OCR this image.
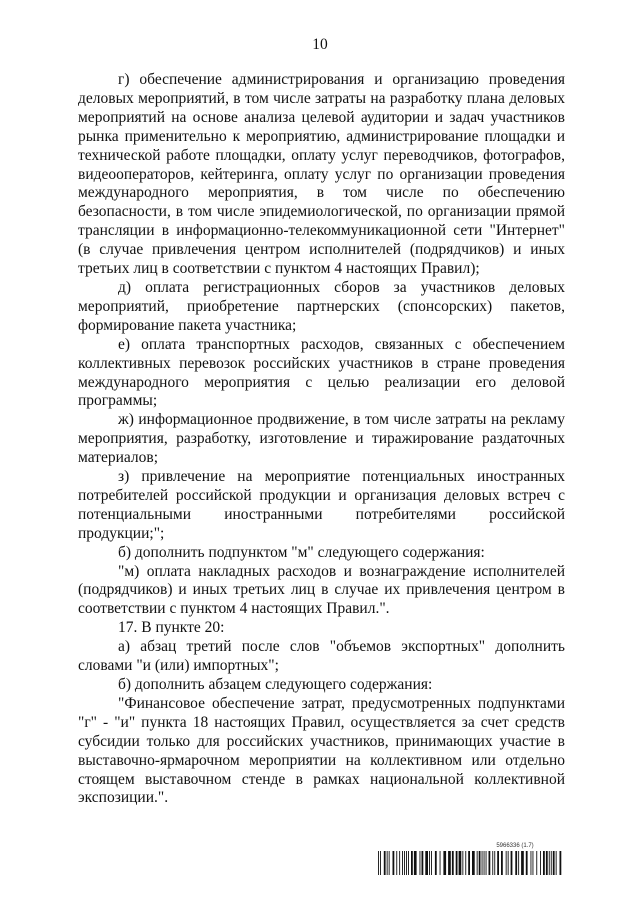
10

г) обеспечение администрирования и организацию проведения деловых мероприятий, в том числе затраты на разработку плана деловых мероприятий на основе анализа целевой аудитории и задач участников рынка применительно к мероприятию, администрирование площадки и технической работе площадки, оплату услуг переводчиков, фотографов, видеооператоров, кейтеринга, оплату услуг по организации проведения международного мероприятия, в том числе по обеспечению безопасности, в том числе эпидемиологической, по организации прямой трансляции в информационно-телекоммуникационной сети "Интернет" (в случае привлечения центром исполнителей (подрядчиков) и иных третьих лиц в соответствии с пунктом 4 настоящих Правил);

д) оплата регистрационных сборов за участников деловых мероприятий, приобретение партнерских (спонсорских) пакетов, формирование пакета участника;

е) оплата транспортных расходов, связанных с обеспечением коллективных перевозок российских участников в стране проведения международного мероприятия с целью реализации его деловой программы;

ж) информационное продвижение, в том числе затраты на рекламу мероприятия, разработку, изготовление и тиражирование раздаточных материалов;

з) привлечение на мероприятие потенциальных иностранных потребителей российской продукции и организация деловых встреч с потенциальными иностранными потребителями российской продукции;";

б) дополнить подпунктом "м" следующего содержания:

"м) оплата накладных расходов и вознаграждение исполнителей (подрядчиков) и иных третьих лиц в случае их привлечения центром в соответствии с пунктом 4 настоящих Правил.".

17. В пункте 20:

а) абзац третий после слов "объемов экспортных" дополнить словами "и (или) импортных";

б) дополнить абзацем следующего содержания:

"Финансовое обеспечение затрат, предусмотренных подпунктами "г" - "и" пункта 18 настоящих Правил, осуществляется за счет средств субсидии только для российских участников, принимающих участие в выставочно-ярмарочном мероприятии на коллективном или отдельно стоящем выставочном стенде в рамках национальной коллективной экспозиции.".

5966336 (1.7)
